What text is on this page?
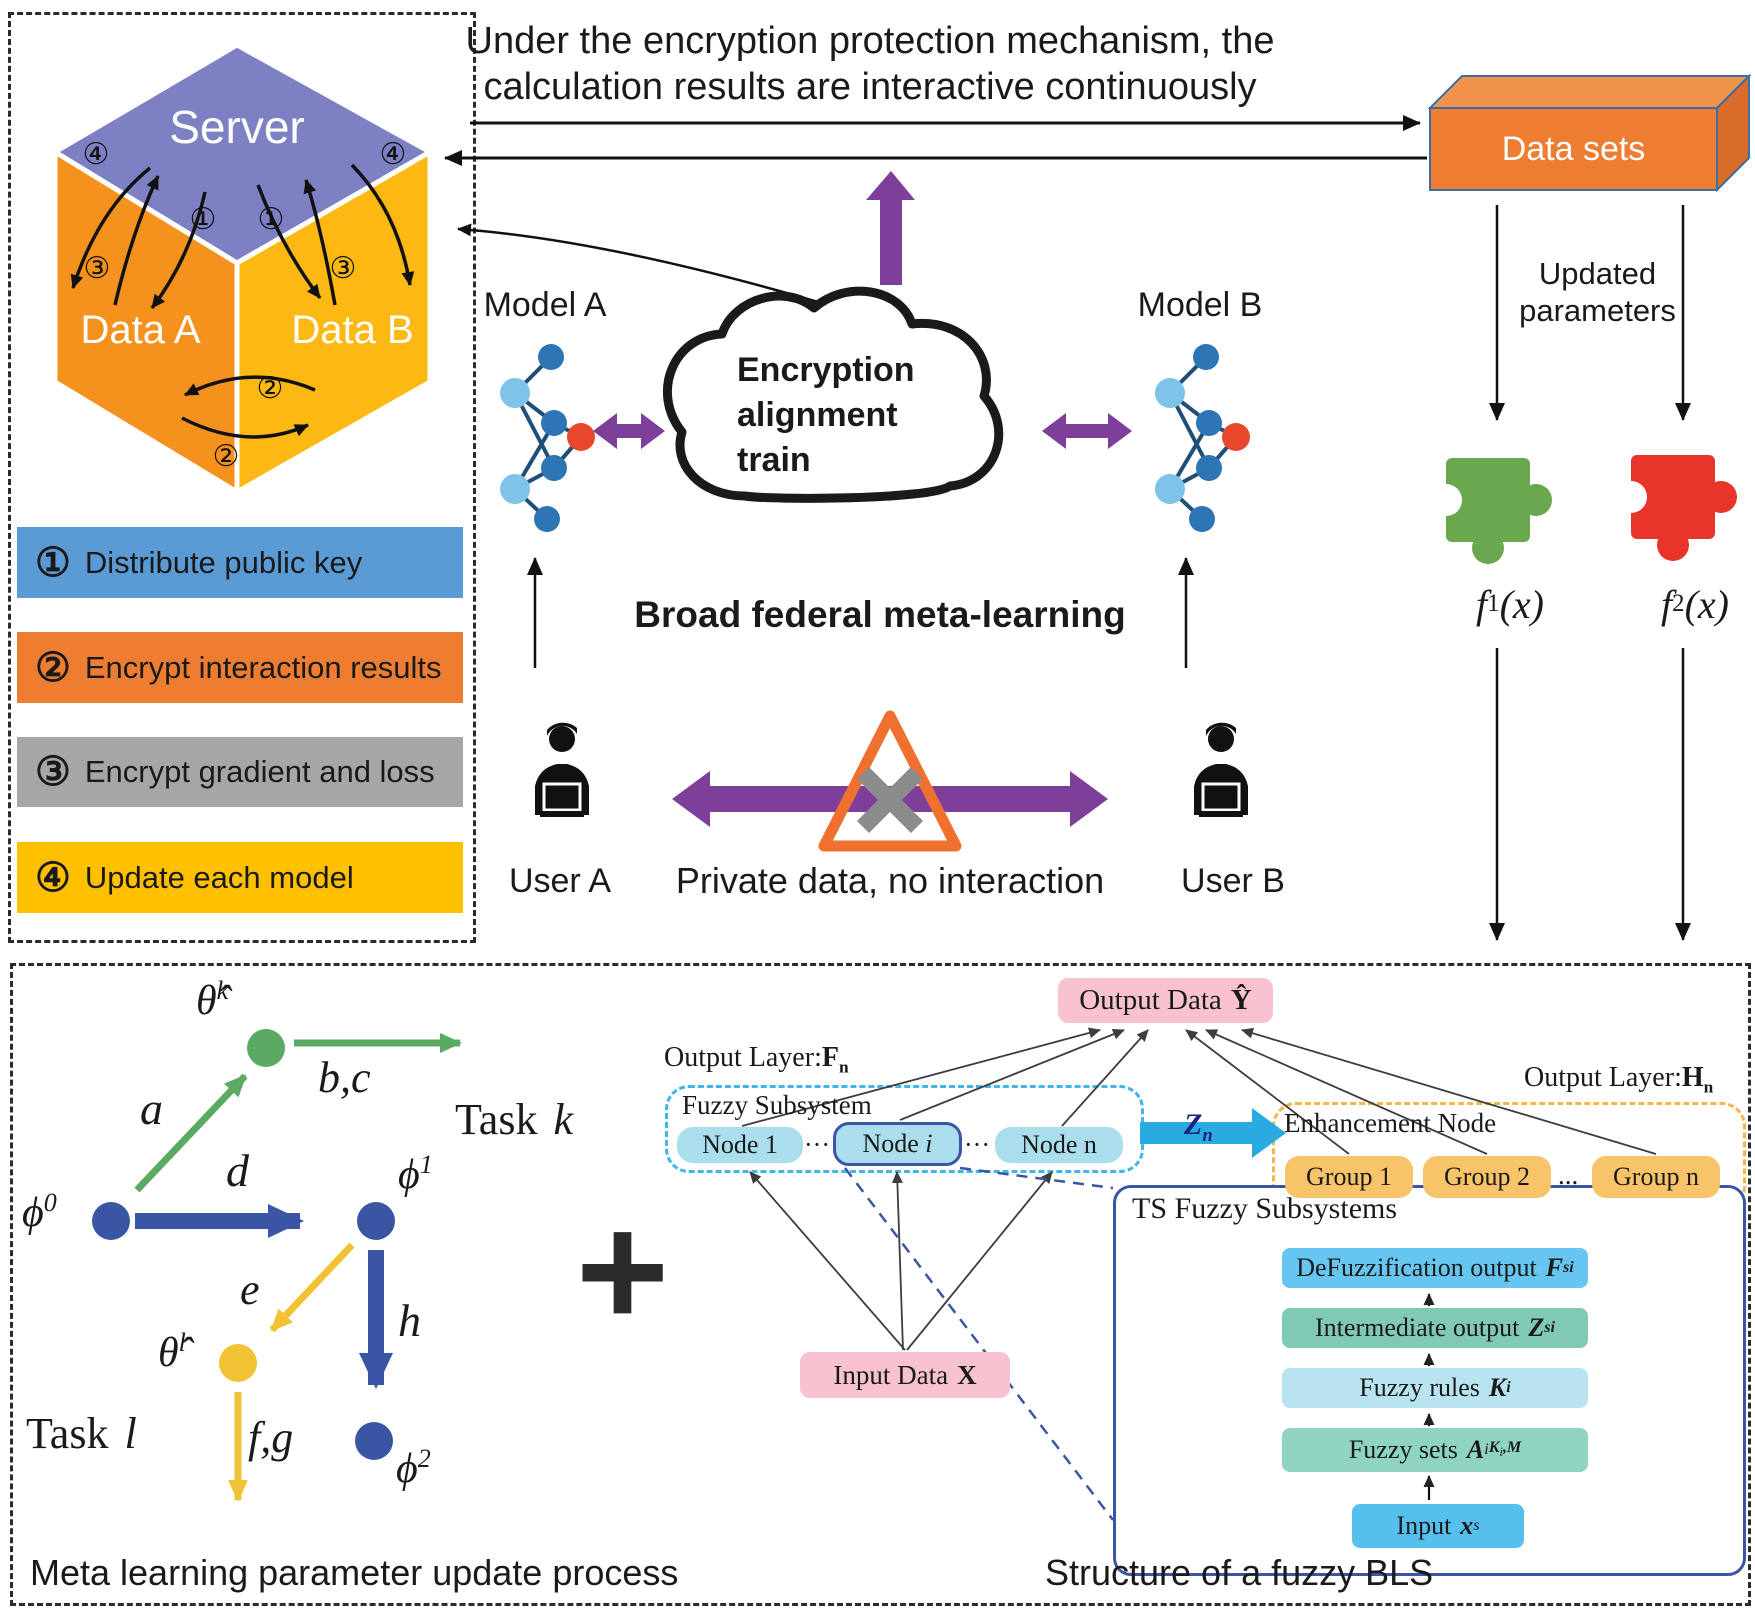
Under the encryption protection mechanism, the
calculation results are interactive continuously
Server
Data A	Data B
④
① ①
④
③	③
②
②
① Distribute public key
② Encrypt interaction results
③ Encrypt gradient and loss
④ Update each model
Data sets
Updated
parameters
f 1 (x)	f 2 (x)
Model A	Model B
Encryption
alignment
train
Broad federal meta-learning
User A	User B
Private data, no interaction
θ̂$^k$
a
b,c
Task k
$\phi^0$
d	$\phi^1$
e
h
θ̂$^l$
Task l	f,g
$\phi^2$
Meta learning parameter update process
+
Output Data Ŷ
Output $Layer:F_n$	Output $Layer:H_n$
Fuzzy Subsystem
Node 1	··· Node
i ···	Node n
$Z_n$	Enhancement Node
Group 1	Group 2	...	Group n
TS Fuzzy Subsystems
DeFuzzification output F si
Intermediate output Z si
Fuzzy rules K i
Fuzzy sets A i $K_i,M$
Input x s
Input Data X
Structure of a fuzzy BLS
